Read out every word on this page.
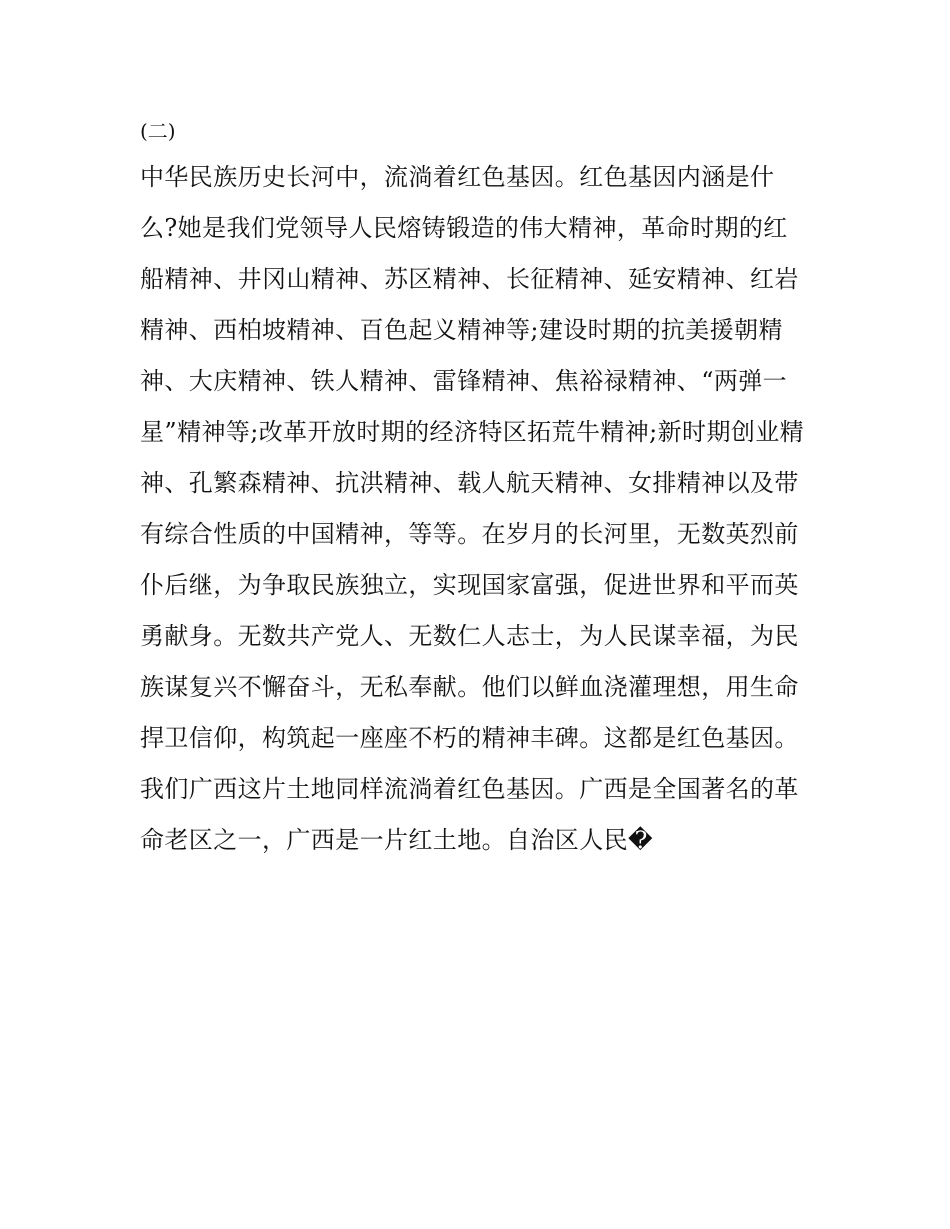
(二)
中华民族历史长河中，流淌着红色基因。红色基因内涵是什
么?她是我们党领导人民熔铸锻造的伟大精神，革命时期的红
船精神、井冈山精神、苏区精神、长征精神、延安精神、红岩
精神、西柏坡精神、百色起义精神等;建设时期的抗美援朝精
神、大庆精神、铁人精神、雷锋精神、焦裕禄精神、“两弹一
星”精神等;改革开放时期的经济特区拓荒牛精神;新时期创业精
神、孔繁森精神、抗洪精神、载人航天精神、女排精神以及带
有综合性质的中国精神，等等。在岁月的长河里，无数英烈前
仆后继，为争取民族独立，实现国家富强，促进世界和平而英
勇献身。无数共产党人、无数仁人志士，为人民谋幸福，为民
族谋复兴不懈奋斗，无私奉献。他们以鲜血浇灌理想，用生命
捍卫信仰，构筑起一座座不朽的精神丰碑。这都是红色基因。
我们广西这片土地同样流淌着红色基因。广西是全国著名的革
命老区之一，广西是一片红土地。自治区人民�
